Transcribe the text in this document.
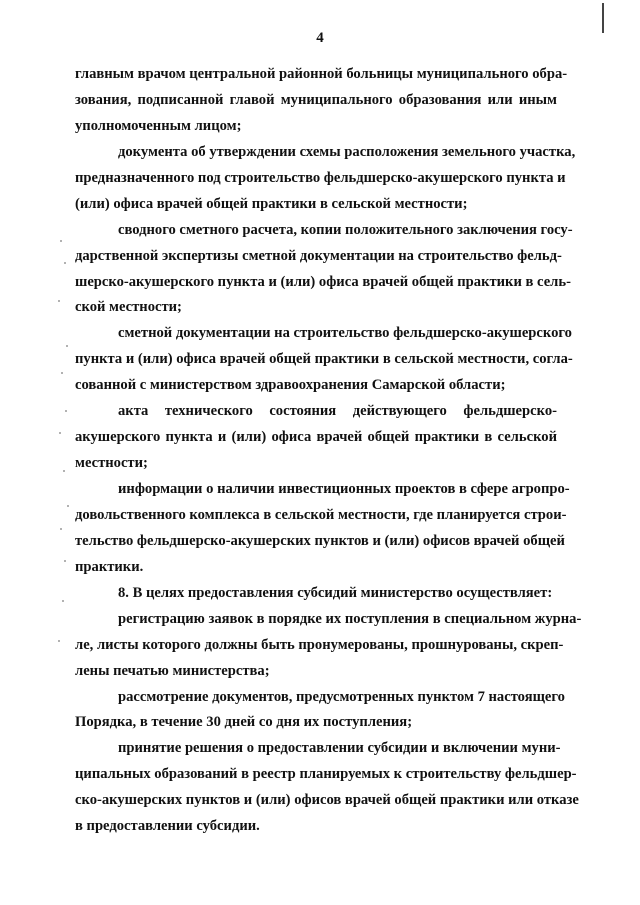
4
главным врачом центральной районной больницы муниципального обра-
зования, подписанной главой муниципального образования или иным
уполномоченным лицом;
документа об утверждении схемы расположения земельного участка,
предназначенного под строительство фельдшерско-акушерского пункта и
(или) офиса врачей общей практики в сельской местности;
сводного сметного расчета, копии положительного заключения госу-
дарственной экспертизы сметной документации на строительство фельд-
шерско-акушерского пункта и (или) офиса врачей общей практики в сель-
ской местности;
сметной документации на строительство фельдшерско-акушерского
пункта и (или) офиса врачей общей практики в сельской местности, согла-
сованной с министерством здравоохранения Самарской области;
акта технического состояния действующего фельдшерско-
акушерского пункта и (или) офиса врачей общей практики в сельской
местности;
информации о наличии инвестиционных проектов в сфере агропро-
довольственного комплекса в сельской местности, где планируется строи-
тельство фельдшерско-акушерских пунктов и (или) офисов врачей общей
практики.
8. В целях предоставления субсидий министерство осуществляет:
регистрацию заявок в порядке их поступления в специальном журна-
ле, листы которого должны быть пронумерованы, прошнурованы, скреп-
лены печатью министерства;
рассмотрение документов, предусмотренных пунктом 7 настоящего
Порядка, в течение 30 дней со дня их поступления;
принятие решения о предоставлении субсидии и включении муни-
ципальных образований в реестр планируемых к строительству фельдшер-
ско-акушерских пунктов и (или) офисов врачей общей практики или отказе
в предоставлении субсидии.
